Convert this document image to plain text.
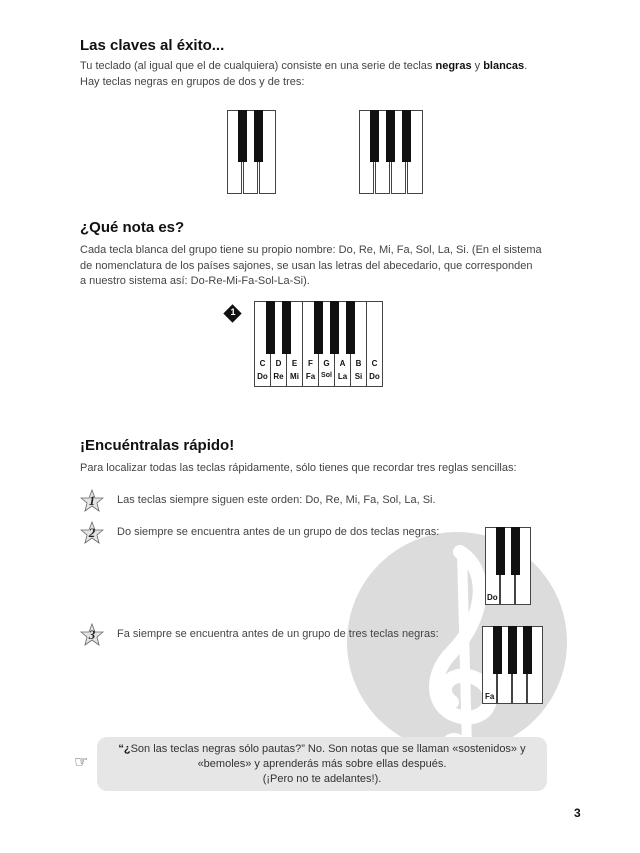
Las claves al éxito...

Tu teclado (al igual que el de cualquiera) consiste en una serie de teclas negras y blancas.
Hay teclas negras en grupos de dos y de tres:

¿Qué nota es?

Cada tecla blanca del grupo tiene su propio nombre: Do, Re, Mi, Fa, Sol, La, Si. (En el sistema
de nomenclatura de los países sajones, se usan las letras del abecedario, que corresponden
a nuestro sistema así: Do-Re-Mi-Fa-Sol-La-Si).

1
C
Do
D
Re
E
Mi
F
Fa
G
Sol
A
La
B
Si
C
Do
¡Encuéntralas rápido!

Para localizar todas las teclas rápidamente, sólo tienes que recordar tres reglas sencillas:

1	Las teclas siempre siguen este orden: Do, Re, Mi, Fa, Sol, La, Si.

2	Do siempre se encuentra antes de un grupo de dos teclas negras:

3	Fa siempre se encuentra antes de un grupo de tres teclas negras:

Do
Fa
☞
“¿Son las teclas negras sólo pautas?” No. Son notas que se llaman «sostenidos» y
«bemoles» y aprenderás más sobre ellas después.
(¡Pero no te adelantes!).
3
